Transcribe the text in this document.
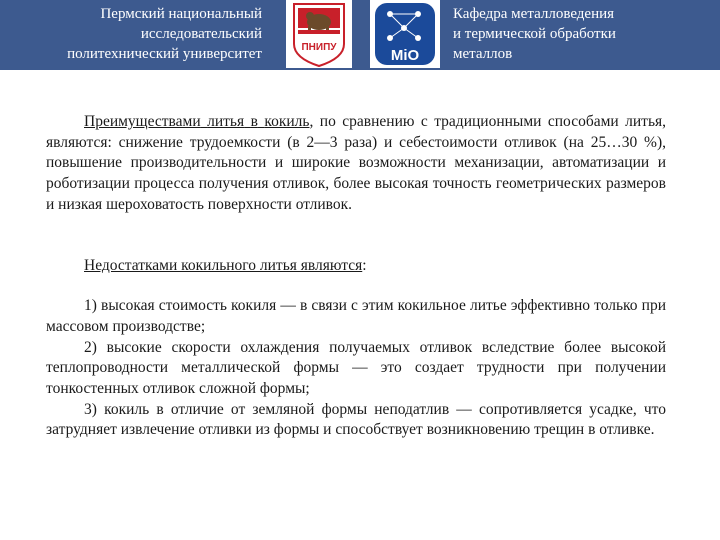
Пермский национальный
исследовательский
политехнический университет	ПНИПУ	MiO
Кафедра металловедения
и термической обработки
металлов

Преимуществами литья в кокиль, по сравнению с традиционными способами литья, являются: снижение трудоемкости (в 2—3 раза) и себестоимости отливок (на 25…30 %), повышение производительности и широкие возможности механизации, автоматизации и роботизации процесса получения отливок, более высокая точность геометрических размеров и низкая шероховатость поверхности отливок.

Недостатками кокильного литья являются:

1) высокая стоимость кокиля — в связи с этим кокильное литье эффективно только при массовом производстве;

2) высокие скорости охлаждения получаемых отливок вследствие более высокой теплопроводности металлической формы — это создает трудности при получении тонкостенных отливок сложной формы;

3) кокиль в отличие от земляной формы неподатлив — сопротивляется усадке, что затрудняет извлечение отливки из формы и способствует возникновению трещин в отливке.
